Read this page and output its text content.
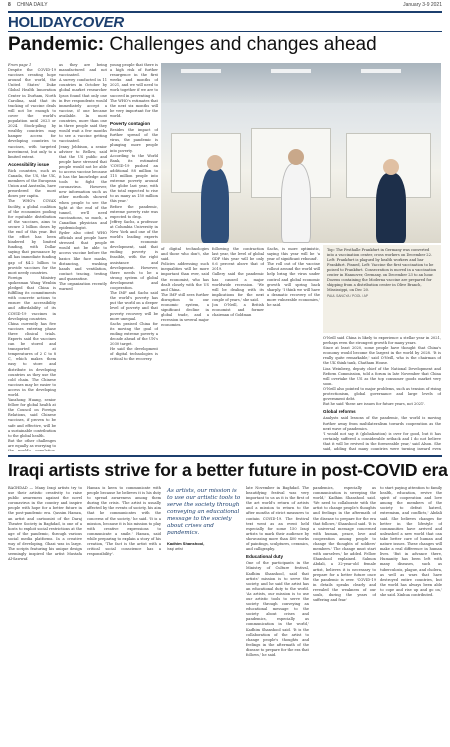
8 CHINA DAILY	January 3-9 2021
HOLIDAY COVER
Pandemic: Challenges and changes ahead

From page 1

Despite the COVID-19 vaccines creating hope around the world, the United States' Duke Global Health Innovation Center in Durham, North Carolina, said that its tracking of vaccine deals will not be enough to cover the world's population until 2023 or 2024. Stock-piling by wealthy countries may hamper access for developing countries to vaccines, with targeted investment, but only to a limited extent.

Accessibility issue

Rich countries, such as Canada, the US, the UK, members of the European Union and Australia, have preordered the most doses per capita.

The WHO's COVAX facility, a global coalition of the economies pooling for equitable distribution of the vaccines, aims to secure 2 billion doses by the end of this year. But the effort has been hindered by limited funding, with Dollar saying that pursuance by all has immediate funding gap of $4.2 billion to provide vaccines for the most needy countries.

Foreign Ministry spokesman Wang Wenbin pledged that China is fulfilling its commitments with concrete actions to ensure the accessibility and affordability of its COVID-19 vaccines in developing countries.

China currently has five vaccines entering phase three clinical trials. Experts said the vaccines can be stored and transported at temperatures of 2 C to 8 C, which makes them easy to store and distribute in developing countries as they use the cold chain. The Chinese vaccines may be easier to access in the developing world.

Yanzhong Huang, senior fellow for global health at the Council on Foreign Relations, said Chinese vaccines, if proven to be safe and effective, will be a sustainable contribution to the global health.

But the other challenges are equally as worrying to

as they are being manufactured and not vaccinated.

A survey conducted in 11 countries in October by global market researcher Ipsos found that only one in five respondents would immediately accept a vaccine, if one became available. In most countries, more than one in three people said they would wait a few months to see a vaccine getting vaccinated.

Jenny Jebbison, a senior adviser to Bellow, said that the US public and people have stressed that people would not be able to access vaccine because it has the knowledge and tools to fight the coronavirus. However, new information such as other methods showed when people to see the light at the end of the tunnel, we'll need vaccinations, so much, a Canadian physician and epidemiologist.

Ryder also cited WHO officials and people have stressed that people would not be able to access vaccine before the basics like face masks, distancing, washing hands and ventilation, contact tracing, testing and quarantine.

The organization recently warned

young people that there is a high risk of further resurgence in the first weeks and months of 2021, and we will need to work together if we are to succeed in preventing it.

The WHO's estimates that the next six months will be very important for the world.

Poverty contagion

Besides the impact of further spread of the virus, the pandemic is plunging more people into poverty.

According to the World Bank, its estimated 'COVID-19 pushed an additional 88 million to 115 million people into extreme poverty around the globe last year, with the total expected to rise to as many as 150 million this year.'

Before the pandemic, extreme poverty rate was expected to drop.

Jeffrey Sachs, a professor at Columbia University in New York and one of the world's leading experts on economic development, said that ending poverty is feasible, with the right assistance and development. However, there needs to be a strong system of global development and cooperation.

The IMF and Sachs said the world's poverty has put the world on a deeper level of poverty and that poverty recovery will be more unequal.

Sachs praised China for its moving the goal of ending extreme poverty a decade ahead of the UN's 2030 target.

He said the development of digital technologies is critical to the recovery.

of digital technologies and those who don't, she said.

Policies addressing such inequalities will be more important than ever, said the economist, who has dealt closely with the US and China.

The IMF still sees further disruption to our economic system, a significant decline in global trade, and a recession in several major economies.

following the contraction last year, the level of global GDP this year will be only 0.6 percent above that of 2019.

Gallery said the pandemic has caused a major worldwide recession. 'We will be dealing with its implications for the next couple of years,' she said.

Jon O'Neill, a British economist and former chairman of Goldman

Sachs, is more optimistic, saying this year will be 'a year of significant rebound'.

The roll out of the vaccine rollout around the world will help bring the virus under control and global economic growth will spring back sharply. 'I think we will have a dramatic recovery of the more vulnerable economies,' he said.

Top: The Festhalle Frankfurt in Germany was converted into a vaccination center, cross workers on December 22. Left: Frankfurt is plagued by health workers and bar Frankfurt. Pinned, Left: Vaccine the first vaccination to be poised to Frankfurt. Consecration is moved in a vaccination center in Hannover, Germany, on December 23 to an hour. Dozens containing the Moderna vaccine are prepared for shipping from a distribution center in Olive Branch, Mississippi, on Dec 20.

PAUL SANCYA / POOL / AP

O'Neill said China is likely to experience a stellar year in 2021, perhaps even the strongest growth for many years.

Since at least 2020, some people have thought that China's economy would become the largest in the world by 2028. 'It is really quite remarkable,' said O'Neill, who is the chairman of the UK think tank, Chatham House.

Lisa Weinberg, deputy chief of the National Development and Reform Commission, told a forum in late November that China will overtake the US as the top consumer goods market very soon.

O'Neill also pointed to major problems, such as tension of rising protectionism, global governance and large levels of government debt.

But he said 'these are issues for future years, not 2021'.

Global reforms

Analysts said lessons of the pandemic, the world is moving further away from multilateralism towards cooperation as the next wave of pandemics.

'I would not say it (globalization) is over for good, but it has certainly suffered a considerable setback and I do not believe that it will be revived in the foreseeable year,' said Alson. She said, adding that many countries were turning inward even

Iraqi artists strive for a better future in post-COVID era

BAGHDAD — Many Iraqi artists try to use their artistic creativity to raise public awareness against the novel coronavirus in the country and inspire people with hope for a better future in the post-pandemic era. Qassim Hamza, an artist and cartoonist of the Daraj Theatre Society in Baghdad, is one of a hosts to exploit social restrictions at the age of the pandemic, through various social media platforms. In a creative way of developing, Ghazi was in large. The scripts featuring his unique design seemingly inspired the artist Mustafa Al-Sawwaf.

Hamza is keen to communicate with people because he believes it is his duty to spread awareness among them during the crisis. 'The artist is usually affected by the events of society, his aim that he communicates with the concerns of the society,' he said. 'It is a mission, because it is his mission to play with creative expressions to communicate a smile.' Hamza, said while preparing to explain a story of his creation, 'The fact is the artist with a critical social conscience has a responsibility'.

As artists, our mission is to use our artistic tools to serve the society through conveying an educational message to the society about crises and pandemics.

Kadhim Shanshool,

Iraqi artist

late November in Baghdad. The beautifying festival was very important to us as it is the first of the art world's return of artists and a mission to return to the after months of strict measures to contain COVID-19. The festival text went as an event held especially for some 150 Iraqi artists to mark their audience by showcasing more than 400 works of paintings, sculptures, ceramics, and calligraphy.

Educational duty

One of the participants in the Ministry of Culture festival, Kadhim Shanshool, said that artists' mission is to serve the society, and he said the artist has an educational duty to the world. 'As artists, our mission is to use our artistic tools to serve the society through conveying an educational message to the society about crises and pandemics, especially as communication in the world,' Kadhim Shanshool said. 'It is the collaboration of the artist to change people's thoughts and feelings in the aftermath of the disease to prepare for the era that follows,' he said.

pandemics, especially as communication is sweeping the world,' Kadhim Shanshool said. 'We need to collaborate with the artist to change people's thoughts and feelings in the aftermath of the disease to prepare for the era that follows,' Shanshool said. 'It is a universal message concerned with human, peace, love and cooperation among people to change the thoughts of soldiers' members.' The change must start with ourselves,' he added. Fellow Shanshool explained. Salmon Abdali, a 32-year-old female artist, believes it is necessary to prepare for a better future once the pandemic is over. 'COVID-19 in details speaks clearly and revealed the weakness of our souls, during the years of suffering and fear.'

to start paying attention to family health, education, revive the spirit of cooperation and love among the members of the society to defeat hatred, extremism, and conflicts,' Abdali said. She believes changes for better in the lifestyle of communities have arrived and unleashed a new world that can take better care of human and nature issues. These changes will make a real difference in human lives. 'But in advance there, Humanity has been left with many diseases, such as tuberculosis, plague, and cholera, as well as wars that have destroyed entire countries, but the world has always been able to cope and rise up and go on,' she said. Xinhua contributed.
